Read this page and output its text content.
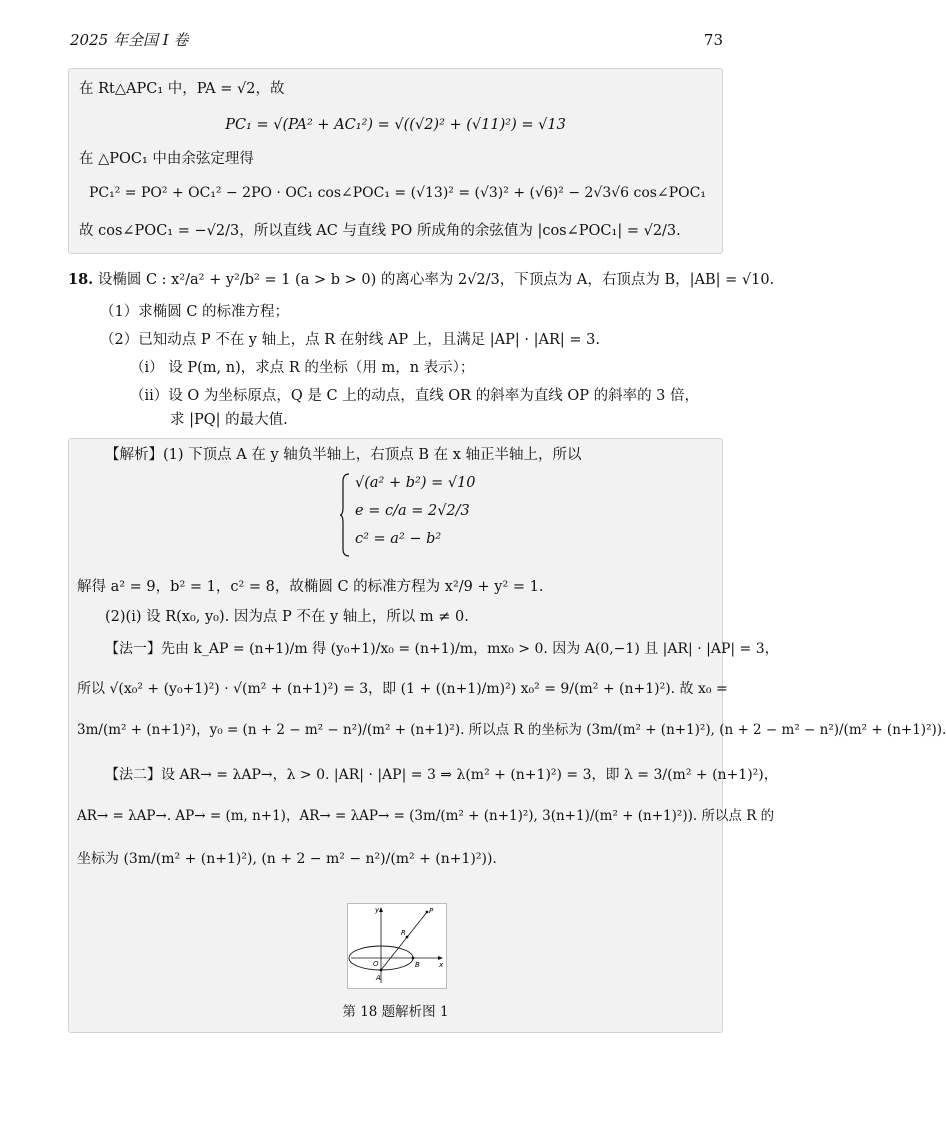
2025 年全国 I 卷	73
在 Rt△APC₁ 中，PA = √2，故
PC₁ = √(PA² + AC₁²) = √((√2)² + (√11)²) = √13
在 △POC₁ 中由余弦定理得
PC₁² = PO² + OC₁² − 2PO · OC₁ cos∠POC₁ = (√13)² = (√3)² + (√6)² − 2√3√6 cos∠POC₁
故 cos∠POC₁ = −√2/3，所以直线 AC 与直线 PO 所成角的余弦值为 |cos∠POC₁| = √2/3.
18. 设椭圆 C : x²/a² + y²/b² = 1 (a > b > 0) 的离心率为 2√2/3，下顶点为 A，右顶点为 B，|AB| = √10.
（1）求椭圆 C 的标准方程；
（2）已知动点 P 不在 y 轴上，点 R 在射线 AP 上，且满足 |AP| · |AR| = 3.
（i） 设 P(m, n)，求点 R 的坐标（用 m，n 表示）；
（ii）设 O 为坐标原点，Q 是 C 上的动点，直线 OR 的斜率为直线 OP 的斜率的 3 倍，
求 |PQ| 的最大值.
【解析】(1) 下顶点 A 在 y 轴负半轴上，右顶点 B 在 x 轴正半轴上，所以
√(a² + b²) = √10
e = c/a = 2√2/3
c² = a² − b²
解得 a² = 9，b² = 1，c² = 8，故椭圆 C 的标准方程为 x²/9 + y² = 1.
(2)(i) 设 R(x₀, y₀). 因为点 P 不在 y 轴上，所以 m ≠ 0.
【法一】先由 k_AP = (n+1)/m 得 (y₀+1)/x₀ = (n+1)/m，mx₀ > 0. 因为 A(0,−1) 且 |AR| · |AP| = 3，
所以 √(x₀² + (y₀+1)²) · √(m² + (n+1)²) = 3，即 (1 + ((n+1)/m)²) x₀² = 9/(m² + (n+1)²). 故 x₀ =
3m/(m² + (n+1)²)，y₀ = (n + 2 − m² − n²)/(m² + (n+1)²). 所以点 R 的坐标为 (3m/(m² + (n+1)²), (n + 2 − m² − n²)/(m² + (n+1)²)).
【法二】设 AR→ = λAP→，λ > 0. |AR| · |AP| = 3 ⇒ λ(m² + (n+1)²) = 3，即 λ = 3/(m² + (n+1)²)，
AR→ = λAP→. AP→ = (m, n+1)，AR→ = λAP→ = (3m/(m² + (n+1)²), 3(n+1)/(m² + (n+1)²)). 所以点 R 的
坐标为 (3m/(m² + (n+1)²), (n + 2 − m² − n²)/(m² + (n+1)²)).
y
x
O
A
B
R
P
第 18 题解析图 1
